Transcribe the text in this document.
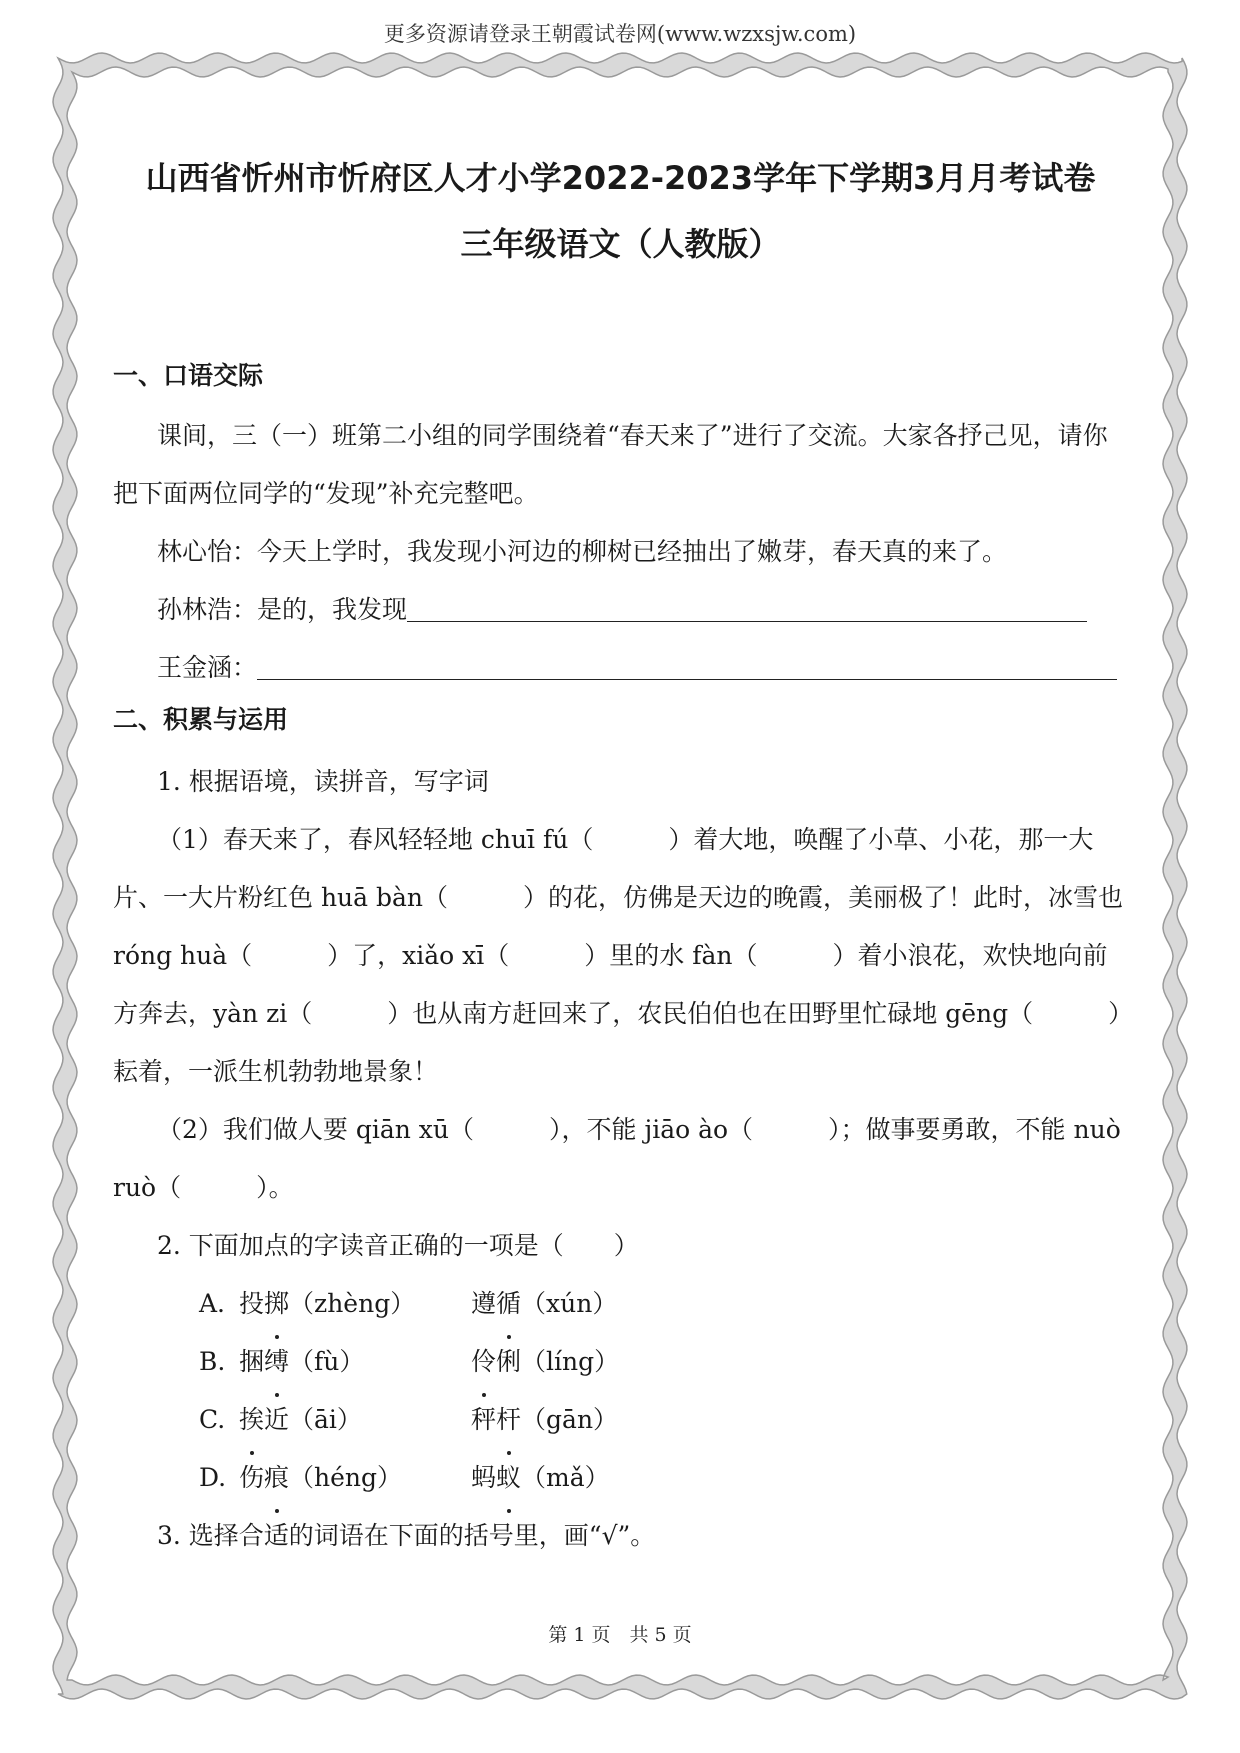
更多资源请登录王朝霞试卷网(www.wzxsjw.com)
山西省忻州市忻府区人才小学2022-2023学年下学期3月月考试卷
三年级语文（人教版）
一、口语交际

课间，三（一）班第二小组的同学围绕着“春天来了”进行了交流。大家各抒己见，请你把下面两位同学的“发现”补充完整吧。

林心怡：今天上学时，我发现小河边的柳树已经抽出了嫩芽，春天真的来了。

孙林浩：是的，我发现

王金涵：

二、积累与运用

1. 根据语境，读拼音，写字词

（1）春天来了，春风轻轻地 chuī fú（　　　）着大地，唤醒了小草、小花，那一大片、一大片粉红色 huā bàn（　　　）的花，仿佛是天边的晚霞，美丽极了！此时，冰雪也 róng huà（　　　）了，xiǎo xī（　　　）里的水 fàn（　　　）着小浪花，欢快地向前方奔去，yàn zi（　　　）也从南方赶回来了，农民伯伯也在田野里忙碌地 gēng（　　　）耘着，一派生机勃勃地景象！

（2）我们做人要 qiān xū（　　　），不能 jiāo ào（　　　）；做事要勇敢，不能 nuò ruò（　　　）。

2. 下面加点的字读音正确的一项是（　　）

A. 投掷（zhèng） 遵循（xún）
B. 捆缚（fù）	伶俐（líng）
C. 挨近（āi）	秤杆（gān）
D. 伤痕（héng）	蚂蚁（mǎ）

3. 选择合适的词语在下面的括号里，画“√”。

第 1 页　共 5 页
